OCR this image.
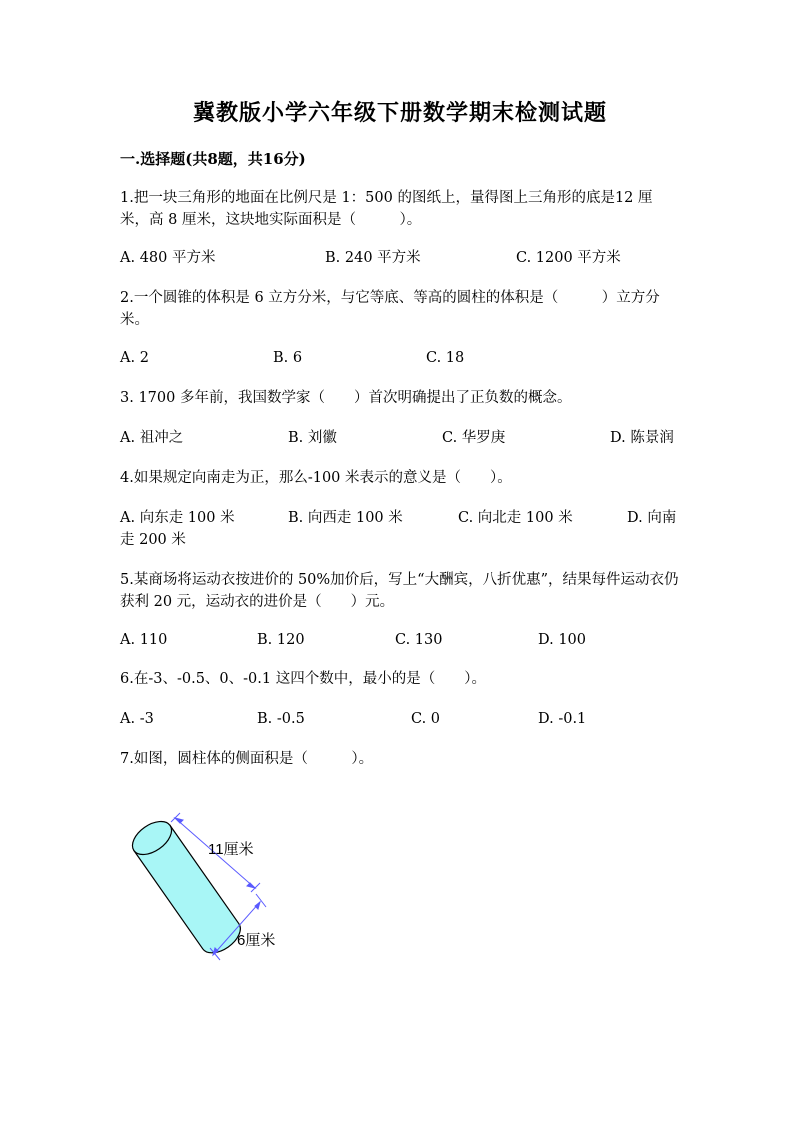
冀教版小学六年级下册数学期末检测试题
一.选择题(共8题，共16分)
1.把一块三角形的地面在比例尺是 1：500 的图纸上，量得图上三角形的底是12 厘米，高 8 厘米，这块地实际面积是（　　　）。
A. 480 平方米	B. 240 平方米	C. 1200 平方米
2.一个圆锥的体积是 6 立方分米，与它等底、等高的圆柱的体积是（　　　）立方分米。
A. 2	B. 6	C. 18
3. 1700 多年前，我国数学家（　　）首次明确提出了正负数的概念。
A. 祖冲之	B. 刘徽	C. 华罗庚	D. 陈景润
4.如果规定向南走为正，那么-100 米表示的意义是（　　）。
A. 向东走 100 米	B. 向西走 100 米	C. 向北走 100 米	D. 向南
走 200 米
5.某商场将运动衣按进价的 50%加价后，写上“大酬宾，八折优惠”，结果每件运动衣仍获利 20 元，运动衣的进价是（　　）元。
A. 110	B. 120	C. 130	D. 100
6.在-3、-0.5、0、-0.1 这四个数中，最小的是（　　）。
A. -3	B. -0.5	C. 0	D. -0.1
7.如图，圆柱体的侧面积是（　　　）。
11厘米
6厘米
